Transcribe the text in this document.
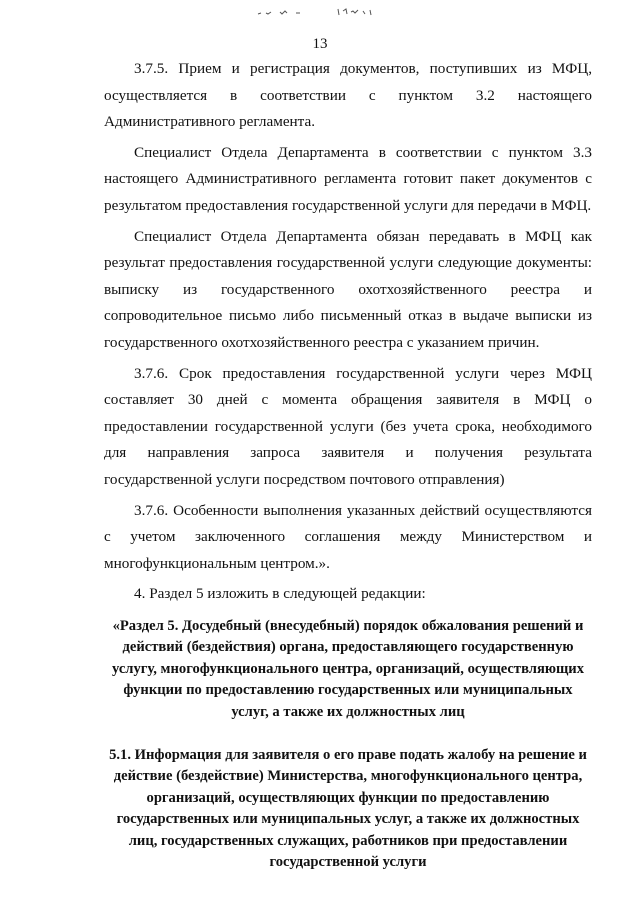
13

3.7.5. Прием и регистрация документов, поступивших из МФЦ, осуществляется в соответствии с пунктом 3.2 настоящего Административного регламента.

Специалист Отдела Департамента в соответствии с пунктом 3.3 настоящего Административного регламента готовит пакет документов с результатом предоставления государственной услуги для передачи в МФЦ.

Специалист Отдела Департамента обязан передавать в МФЦ как результат предоставления государственной услуги следующие документы: выписку из государственного охотхозяйственного реестра и сопроводительное письмо либо письменный отказ в выдаче выписки из государственного охотхозяйственного реестра с указанием причин.

3.7.6. Срок предоставления государственной услуги через МФЦ составляет 30 дней с момента обращения заявителя в МФЦ о предоставлении государственной услуги (без учета срока, необходимого для направления запроса заявителя и получения результата государственной услуги посредством почтового отправления)

3.7.6. Особенности выполнения указанных действий осуществляются с учетом заключенного соглашения между Министерством и многофункциональным центром.».

4. Раздел 5 изложить в следующей редакции:

«Раздел 5. Досудебный (внесудебный) порядок обжалования решений и действий (бездействия) органа, предоставляющего государственную услугу, многофункционального центра, организаций, осуществляющих функции по предоставлению государственных или муниципальных услуг, а также их должностных лиц

5.1. Информация для заявителя о его праве подать жалобу на решение и действие (бездействие) Министерства, многофункционального центра, организаций, осуществляющих функции по предоставлению государственных или муниципальных услуг, а также их должностных лиц, государственных служащих, работников при предоставлении государственной услуги
